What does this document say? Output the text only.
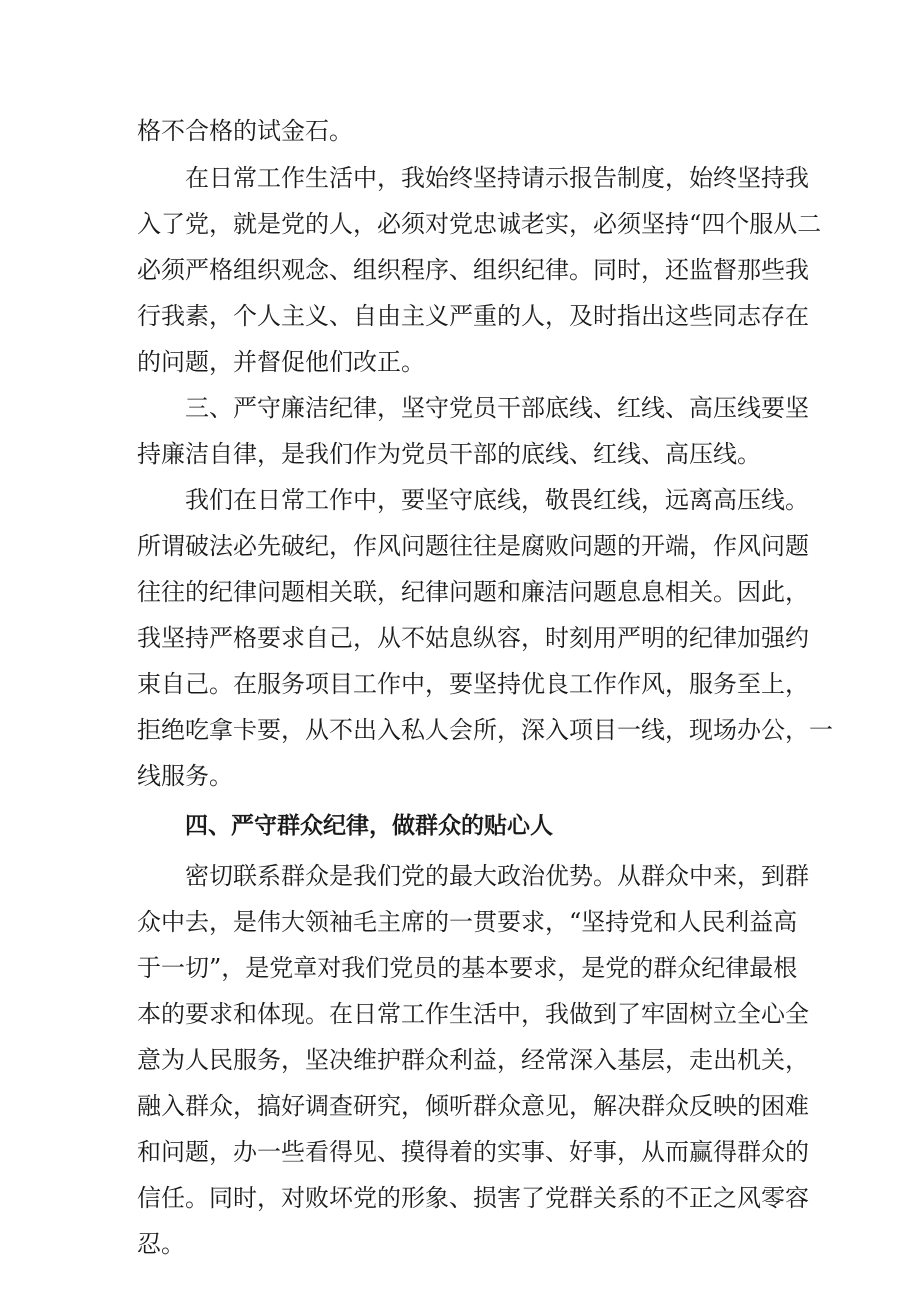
格不合格的试金石。
在日常工作生活中，我始终坚持请示报告制度，始终坚持我
入了党，就是党的人，必须对党忠诚老实，必须坚持“四个服从二
必须严格组织观念、组织程序、组织纪律。同时，还监督那些我
行我素，个人主义、自由主义严重的人，及时指出这些同志存在
的问题，并督促他们改正。
三、严守廉洁纪律，坚守党员干部底线、红线、高压线要坚
持廉洁自律，是我们作为党员干部的底线、红线、高压线。
我们在日常工作中，要坚守底线，敬畏红线，远离高压线。
所谓破法必先破纪，作风问题往往是腐败问题的开端，作风问题
往往的纪律问题相关联，纪律问题和廉洁问题息息相关。因此，
我坚持严格要求自己，从不姑息纵容，时刻用严明的纪律加强约
束自己。在服务项目工作中，要坚持优良工作作风，服务至上，
拒绝吃拿卡要，从不出入私人会所，深入项目一线，现场办公，一
线服务。
四、严守群众纪律，做群众的贴心人
密切联系群众是我们党的最大政治优势。从群众中来，到群
众中去，是伟大领袖毛主席的一贯要求，“坚持党和人民利益高
于一切”，是党章对我们党员的基本要求，是党的群众纪律最根
本的要求和体现。在日常工作生活中，我做到了牢固树立全心全
意为人民服务，坚决维护群众利益，经常深入基层，走出机关，
融入群众，搞好调查研究，倾听群众意见，解决群众反映的困难
和问题，办一些看得见、摸得着的实事、好事，从而赢得群众的
信任。同时，对败坏党的形象、损害了党群关系的不正之风零容
忍。
